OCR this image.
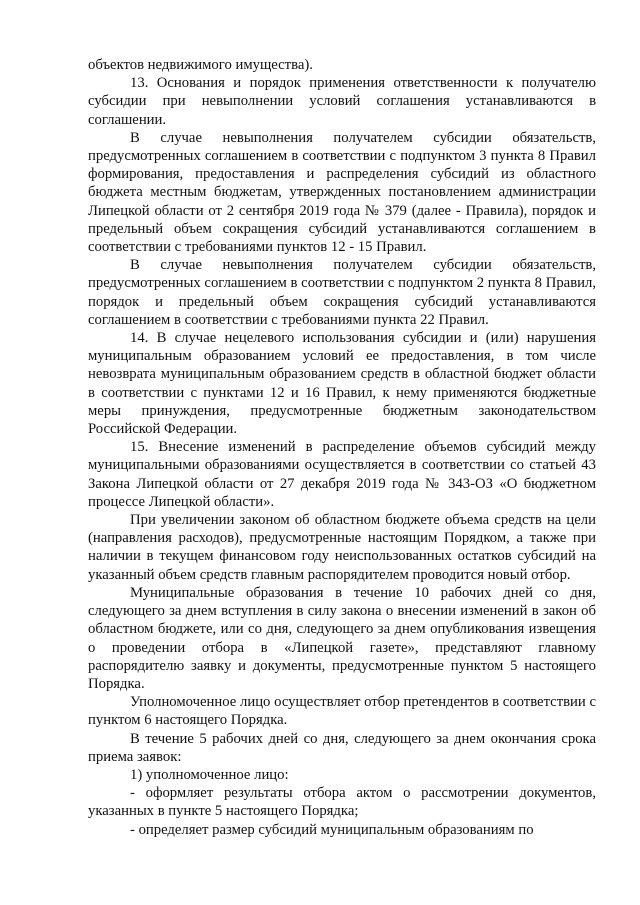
объектов недвижимого имущества).

13. Основания и порядок применения ответственности к получателю субсидии при невыполнении условий соглашения устанавливаются в соглашении.

В случае невыполнения получателем субсидии обязательств, предусмотренных соглашением в соответствии с подпунктом 3 пункта 8 Правил формирования, предоставления и распределения субсидий из областного бюджета местным бюджетам, утвержденных постановлением администрации Липецкой области от 2 сентября 2019 года № 379 (далее - Правила), порядок и предельный объем сокращения субсидий устанавливаются соглашением в соответствии с требованиями пунктов 12 - 15 Правил.

В случае невыполнения получателем субсидии обязательств, предусмотренных соглашением в соответствии с подпунктом 2 пункта 8 Правил, порядок и предельный объем сокращения субсидий устанавливаются соглашением в соответствии с требованиями пункта 22 Правил.

14. В случае нецелевого использования субсидии и (или) нарушения муниципальным образованием условий ее предоставления, в том числе невозврата муниципальным образованием средств в областной бюджет области в соответствии с пунктами 12 и 16 Правил, к нему применяются бюджетные меры принуждения, предусмотренные бюджетным законодательством Российской Федерации.

15. Внесение изменений в распределение объемов субсидий между муниципальными образованиями осуществляется в соответствии со статьей 43 Закона Липецкой области от 27 декабря 2019 года № 343-ОЗ «О бюджетном процессе Липецкой области».

При увеличении законом об областном бюджете объема средств на цели (направления расходов), предусмотренные настоящим Порядком, а также при наличии в текущем финансовом году неиспользованных остатков субсидий на указанный объем средств главным распорядителем проводится новый отбор.

Муниципальные образования в течение 10 рабочих дней со дня, следующего за днем вступления в силу закона о внесении изменений в закон об областном бюджете, или со дня, следующего за днем опубликования извещения о проведении отбора в «Липецкой газете», представляют главному распорядителю заявку и документы, предусмотренные пунктом 5 настоящего Порядка.

Уполномоченное лицо осуществляет отбор претендентов в соответствии с пунктом 6 настоящего Порядка.

В течение 5 рабочих дней со дня, следующего за днем окончания срока приема заявок:

1) уполномоченное лицо:

- оформляет результаты отбора актом о рассмотрении документов, указанных в пункте 5 настоящего Порядка;

- определяет размер субсидий муниципальным образованиям по
